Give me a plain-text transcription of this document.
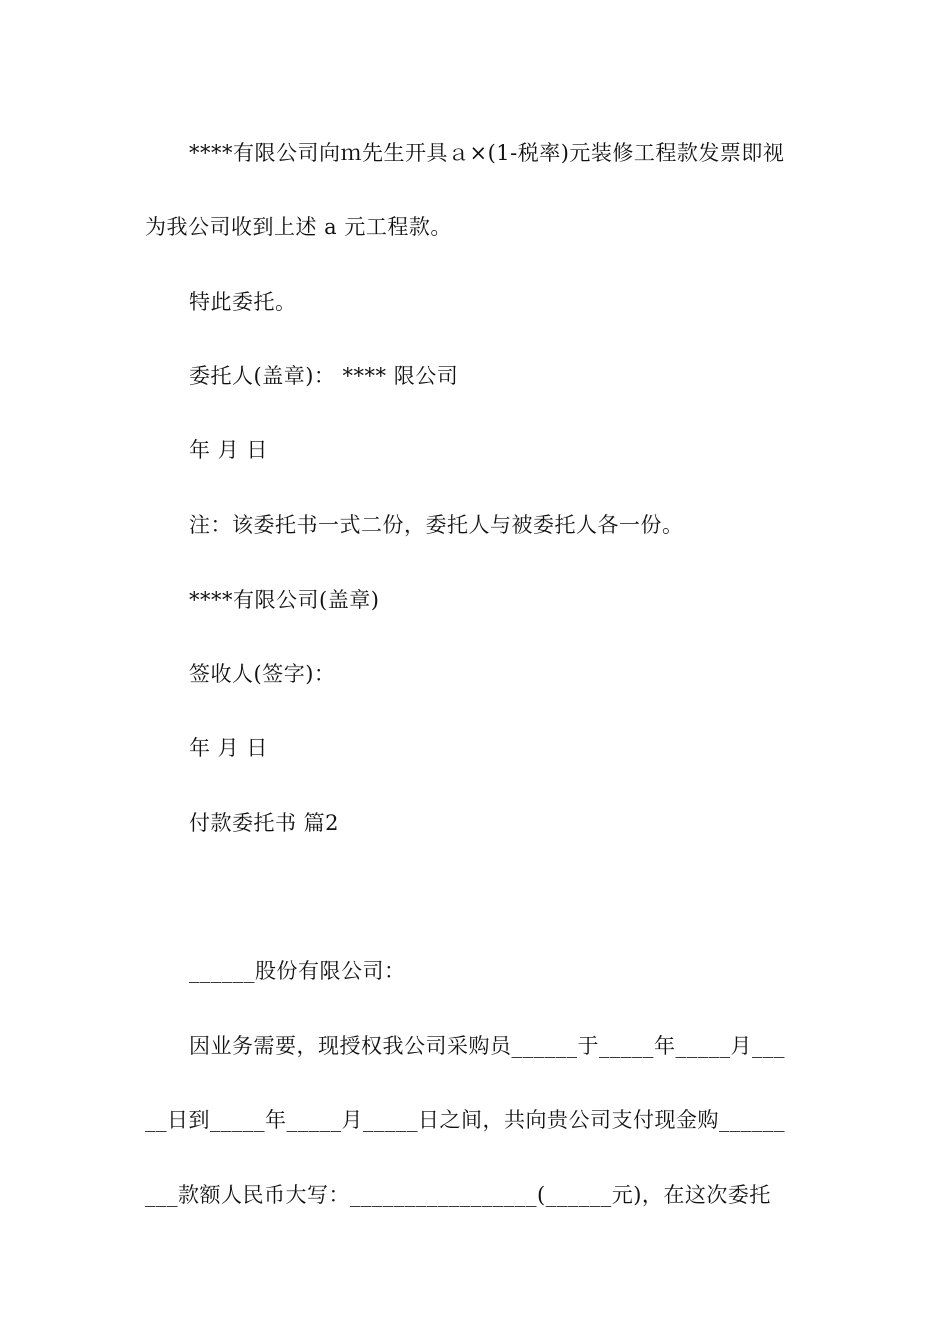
****有限公司向ｍ先生开具ａ×(1-税率)元装修工程款发票即视
为我公司收到上述 a 元工程款。
特此委托。
委托人(盖章)： **** 限公司
年 月 日
注：该委托书一式二份，委托人与被委托人各一份。
****有限公司(盖章)
签收人(签字)：
年 月 日
付款委托书 篇2
______股份有限公司：
因业务需要，现授权我公司采购员______于_____年_____月___
__日到_____年_____月_____日之间，共向贵公司支付现金购______
___款额人民币大写：_________________(______元)，在这次委托
